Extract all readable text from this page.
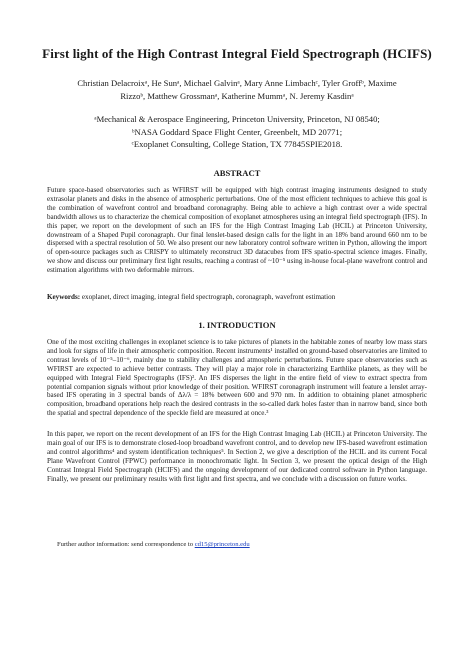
First light of the High Contrast Integral Field Spectrograph (HCIFS)
Christian Delacroixᵃ, He Sunᵃ, Michael Galvinᵃ, Mary Anne Limbachᶜ, Tyler Groffᵇ, Maxime
Rizzoᵇ, Matthew Grossmanᵃ, Katherine Mummᵃ, N. Jeremy Kasdinᵃ
ᵃMechanical & Aerospace Engineering, Princeton University, Princeton, NJ 08540;
ᵇNASA Goddard Space Flight Center, Greenbelt, MD 20771;
ᶜExoplanet Consulting, College Station, TX 77845SPIE2018.
ABSTRACT

Future space-based observatories such as WFIRST will be equipped with high contrast imaging instruments designed to study extrasolar planets and disks in the absence of atmospheric perturbations. One of the most efficient techniques to achieve this goal is the combination of wavefront control and broadband coronagraphy. Being able to achieve a high contrast over a wide spectral bandwidth allows us to characterize the chemical composition of exoplanet atmospheres using an integral field spectrograph (IFS). In this paper, we report on the development of such an IFS for the High Contrast Imaging Lab (HCIL) at Princeton University, downstream of a Shaped Pupil coronagraph. Our final lenslet-based design calls for the light in an 18% band around 660 nm to be dispersed with a spectral resolution of 50. We also present our new laboratory control software written in Python, allowing the import of open-source packages such as CRISPY to ultimately reconstruct 3D datacubes from IFS spatio-spectral science images. Finally, we show and discuss our preliminary first light results, reaching a contrast of ~10⁻⁵ using in-house focal-plane wavefront control and estimation algorithms with two deformable mirrors.

Keywords: exoplanet, direct imaging, integral field spectrograph, coronagraph, wavefront estimation
1. INTRODUCTION

One of the most exciting challenges in exoplanet science is to take pictures of planets in the habitable zones of nearby low mass stars and look for signs of life in their atmospheric composition. Recent instruments¹ installed on ground-based observatories are limited to contrast levels of 10⁻⁵–10⁻⁶, mainly due to stability challenges and atmospheric perturbations. Future space observatories such as WFIRST are expected to achieve better contrasts. They will play a major role in characterizing Earthlike planets, as they will be equipped with Integral Field Spectrographs (IFS)². An IFS disperses the light in the entire field of view to extract spectra from potential companion signals without prior knowledge of their position. WFIRST coronagraph instrument will feature a lenslet array-based IFS operating in 3 spectral bands of Δλ/λ = 18% between 600 and 970 nm. In addition to obtaining planet atmospheric composition, broadband operations help reach the desired contrasts in the so-called dark holes faster than in narrow band, since both the spatial and spectral dependence of the speckle field are measured at once.³

In this paper, we report on the recent development of an IFS for the High Contrast Imaging Lab (HCIL) at Princeton University. The main goal of our IFS is to demonstrate closed-loop broadband wavefront control, and to develop new IFS-based wavefront estimation and control algorithms⁴ and system identification techniques⁵. In Section 2, we give a description of the HCIL and its current Focal Plane Wavefront Control (FPWC) performance in monochromatic light. In Section 3, we present the optical design of the High Contrast Integral Field Spectrograph (HCIFS) and the ongoing development of our dedicated control software in Python language. Finally, we present our preliminary results with first light and first spectra, and we conclude with a discussion on future works.

Further author information: send correspondence to cd15@princeton.edu
